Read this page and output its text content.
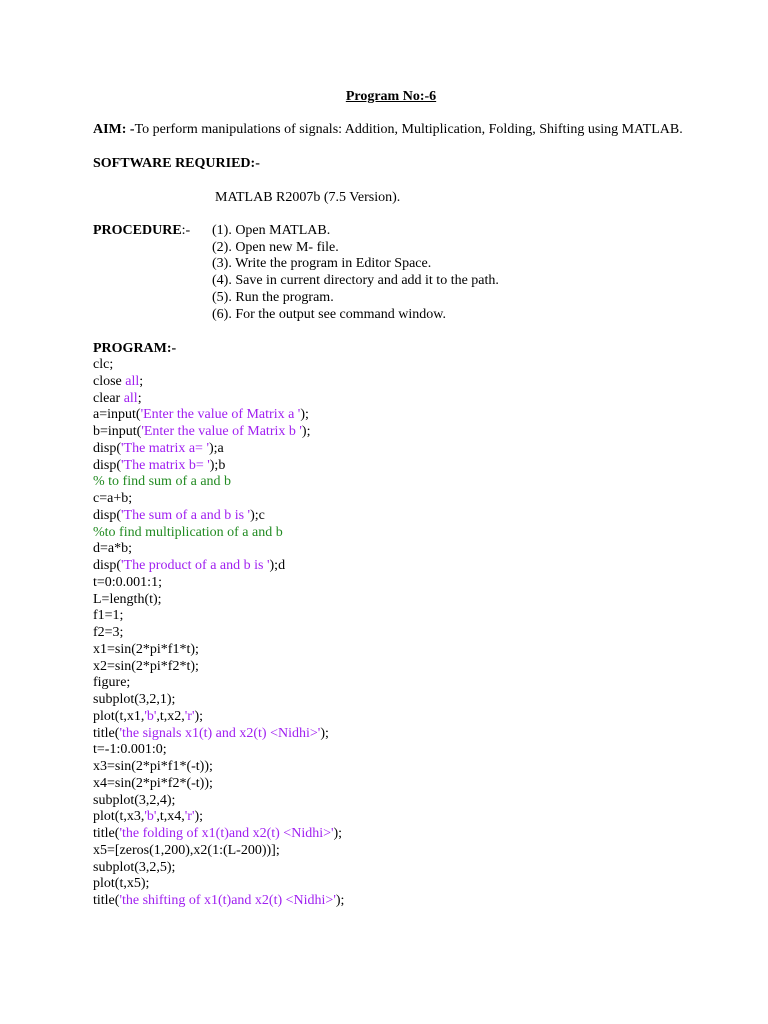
Program No:-6
AIM: -To perform manipulations of signals: Addition, Multiplication, Folding, Shifting using MATLAB.
SOFTWARE REQURIED:-
MATLAB R2007b (7.5 Version).
PROCEDURE:-	(1). Open MATLAB.
(2). Open new M- file.
(3). Write the program in Editor Space.
(4). Save in current directory and add it to the path.
(5). Run the program.
(6). For the output see command window.
PROGRAM:-
clc;
close all;
clear all;
a=input('Enter the value of Matrix a ');
b=input('Enter the value of Matrix b ');
disp('The matrix a= ');a
disp('The matrix b= ');b
% to find sum of a and b
c=a+b;
disp('The sum of a and b is ');c
%to find multiplication of a and b
d=a*b;
disp('The product of a and b is ');d
t=0:0.001:1;
L=length(t);
f1=1;
f2=3;
x1=sin(2*pi*f1*t);
x2=sin(2*pi*f2*t);
figure;
subplot(3,2,1);
plot(t,x1,'b',t,x2,'r');
title('the signals x1(t) and x2(t) <Nidhi>');
t=-1:0.001:0;
x3=sin(2*pi*f1*(-t));
x4=sin(2*pi*f2*(-t));
subplot(3,2,4);
plot(t,x3,'b',t,x4,'r');
title('the folding of x1(t)and x2(t) <Nidhi>');
x5=[zeros(1,200),x2(1:(L-200))];
subplot(3,2,5);
plot(t,x5);
title('the shifting of x1(t)and x2(t) <Nidhi>');
